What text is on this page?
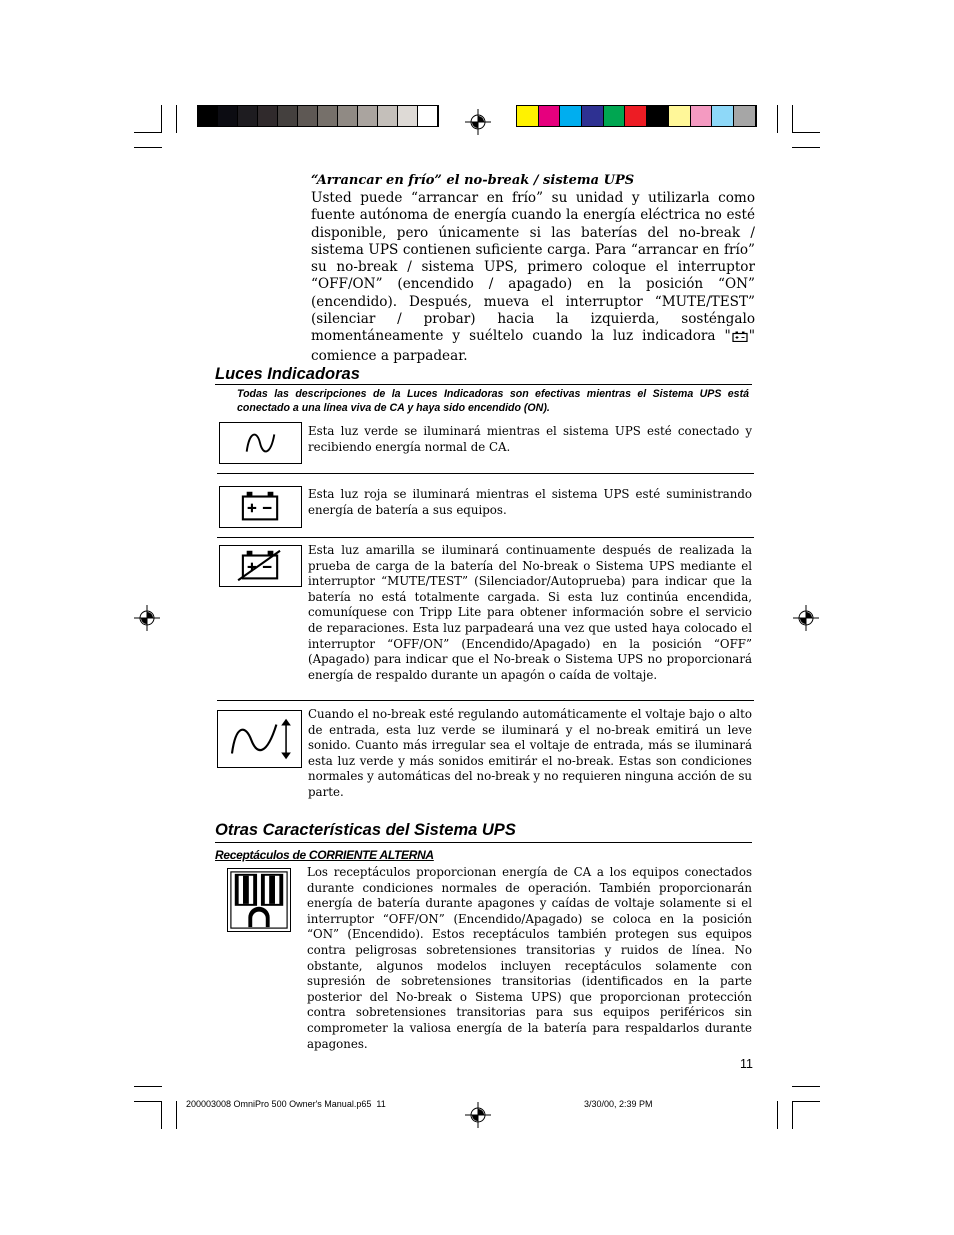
“Arrancar en frío” el no-break / sistema UPS
Usted puede “arrancar en frío” su unidad y utilizarla como fuente autónoma de energía cuando la energía eléctrica no esté disponible, pero únicamente si las baterías del no-break / sistema UPS contienen suficiente carga. Para “arrancar en frío” su no-break / sistema UPS, primero coloque el interruptor “OFF/ON” (encendido / apagado) en la posición “ON” (encendido). Después, mueva el interruptor “MUTE/TEST” (silenciar / probar) hacia la izquierda, sosténgalo momentáneamente y suéltelo cuando la luz indicadora " " comience a parpadear.
Luces Indicadoras
Todas las descripciones de la Luces Indicadoras son efectivas mientras el Sistema UPS está conectado a una línea viva de CA y haya sido encendido (ON).
Esta luz verde se iluminará mientras el sistema UPS esté conectado y recibiendo energía normal de CA.
Esta luz roja se iluminará mientras el sistema UPS esté suministrando energía de batería a sus equipos.
Esta luz amarilla se iluminará continuamente después de realizada la prueba de carga de la batería del No-break o Sistema UPS mediante el interruptor “MUTE/TEST” (Silenciador/Autoprueba) para indicar que la batería no está totalmente cargada. Si esta luz continúa encendida, comuníquese con Tripp Lite para obtener información sobre el servicio de reparaciones. Esta luz parpadeará una vez que usted haya colocado el interruptor “OFF/ON” (Encendido/Apagado) en la posición “OFF” (Apagado) para indicar que el No-break o Sistema UPS no proporcionará energía de respaldo durante un apagón o caída de voltaje.
Cuando el no-break esté regulando automáticamente el voltaje bajo o alto de entrada, esta luz verde se iluminará y el no-break emitirá un leve sonido. Cuanto más irregular sea el voltaje de entrada, más se iluminará esta luz verde y más sonidos emitirár el no-break. Estas son condiciones normales y automáticas del no-break y no requieren ninguna acción de su parte.
Otras Características del Sistema UPS
Receptáculos de CORRIENTE ALTERNA
Los receptáculos proporcionan energía de CA a los equipos conectados durante condiciones normales de operación. También proporcionarán energía de batería durante apagones y caídas de voltaje solamente si el interruptor “OFF/ON” (Encendido/Apagado) se coloca en la posición “ON” (Encendido). Estos receptáculos también protegen sus equipos contra peligrosas sobretensiones transitorias y ruidos de línea. No obstante, algunos modelos incluyen receptáculos solamente con supresión de sobretensiones transitorias (identificados en la parte posterior del No-break o Sistema UPS) que proporcionan protección contra sobretensiones transitorias para sus equipos periféricos sin comprometer la valiosa energía de la batería para respaldarlos durante apagones.
11
200003008 OmniPro 500 Owner's Manual.p65 11	3/30/00, 2:39 PM
